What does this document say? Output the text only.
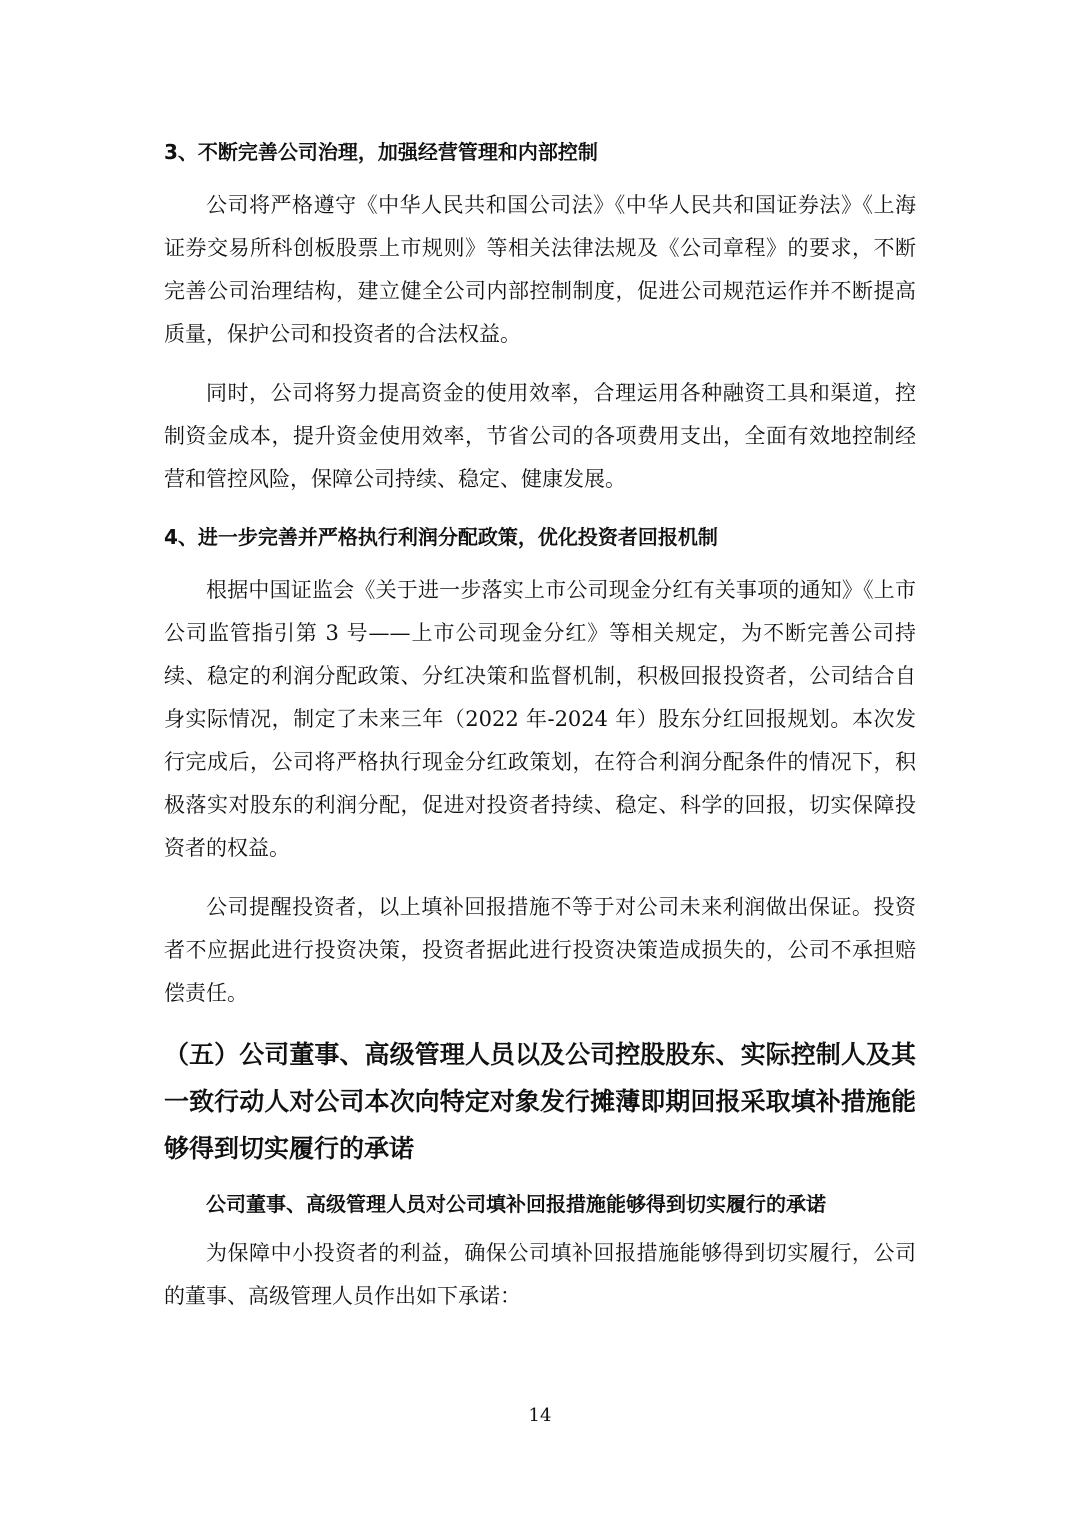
3、不断完善公司治理，加强经营管理和内部控制
公司将严格遵守《中华人民共和国公司法》《中华人民共和国证券法》《上海证券交易所科创板股票上市规则》等相关法律法规及《公司章程》的要求，不断完善公司治理结构，建立健全公司内部控制制度，促进公司规范运作并不断提高质量，保护公司和投资者的合法权益。
同时，公司将努力提高资金的使用效率，合理运用各种融资工具和渠道，控制资金成本，提升资金使用效率，节省公司的各项费用支出，全面有效地控制经营和管控风险，保障公司持续、稳定、健康发展。
4、进一步完善并严格执行利润分配政策，优化投资者回报机制
根据中国证监会《关于进一步落实上市公司现金分红有关事项的通知》《上市公司监管指引第 3 号——上市公司现金分红》等相关规定，为不断完善公司持续、稳定的利润分配政策、分红决策和监督机制，积极回报投资者，公司结合自身实际情况，制定了未来三年（2022 年-2024 年）股东分红回报规划。本次发行完成后，公司将严格执行现金分红政策划，在符合利润分配条件的情况下，积极落实对股东的利润分配，促进对投资者持续、稳定、科学的回报，切实保障投资者的权益。
公司提醒投资者，以上填补回报措施不等于对公司未来利润做出保证。投资者不应据此进行投资决策，投资者据此进行投资决策造成损失的，公司不承担赔偿责任。
（五）公司董事、高级管理人员以及公司控股股东、实际控制人及其一致行动人对公司本次向特定对象发行摊薄即期回报采取填补措施能够得到切实履行的承诺
公司董事、高级管理人员对公司填补回报措施能够得到切实履行的承诺
为保障中小投资者的利益，确保公司填补回报措施能够得到切实履行，公司的董事、高级管理人员作出如下承诺：
14
